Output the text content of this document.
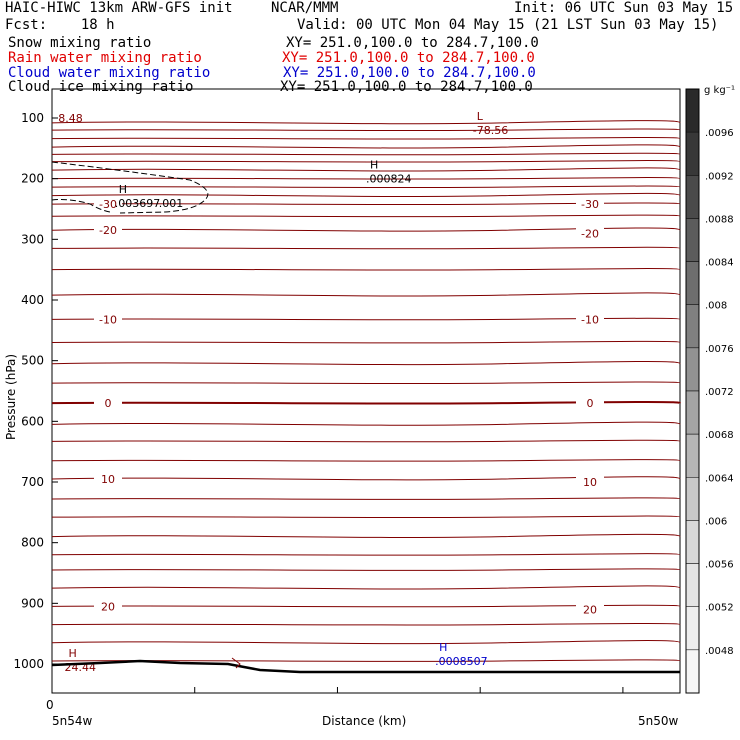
HAIC-HIWC 13km ARW-GFS init	NCAR/MMM	Init: 06 UTC Sun 03 May 15
Fcst:    18 h	Valid: 00 UTC Mon 04 May 15 (21 LST Sun 03 May 15)
Snow mixing ratio	XY= 251.0,100.0 to 284.7,100.0
Rain water mixing ratio	XY= 251.0,100.0 to 284.7,100.0
Cloud water mixing ratio	XY= 251.0,100.0 to 284.7,100.0
Cloud ice mixing ratio	XY= 251.0,100.0 to 284.7,100.0
100
200
300
400
500
600
700
800
900
1000
-30	-30
-20	-20
-10	-10
0	0
10	10
20	20
L
-78.56
8.48
H
.000824
H
.003697
.001
H
.0008507
H
24.44
0
5n54w	Distance (km)	5n50w
Pressure (hPa)
.0096
.0092
.0088
.0084
.008
.0076
.0072
.0068
.0064
.006
.0056
.0052
.0048
g kg⁻¹
